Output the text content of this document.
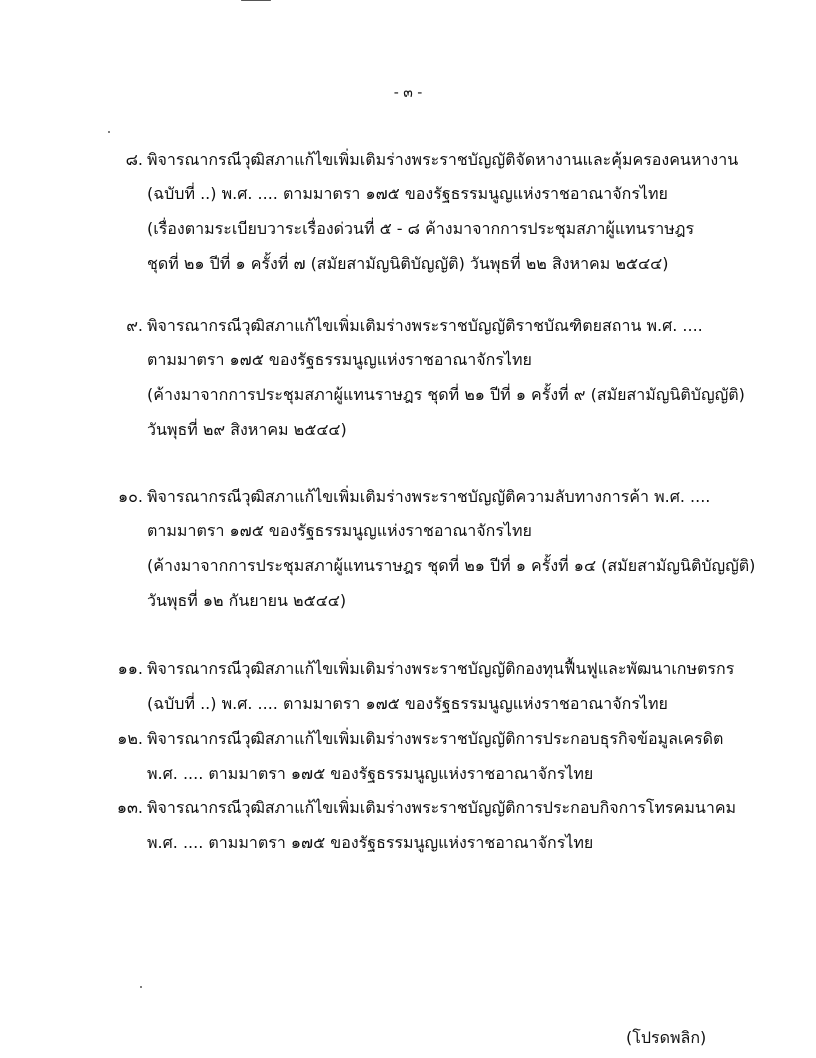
- ๓ -
๘. พิจารณากรณีวุฒิสภาแก้ไขเพิ่มเติมร่างพระราชบัญญัติจัดหางานและคุ้มครองคนหางาน
(ฉบับที่ ..) พ.ศ. .... ตามมาตรา ๑๗๕ ของรัฐธรรมนูญแห่งราชอาณาจักรไทย
(เรื่องตามระเบียบวาระเรื่องด่วนที่ ๕ - ๘ ค้างมาจากการประชุมสภาผู้แทนราษฎร
ชุดที่ ๒๑ ปีที่ ๑ ครั้งที่ ๗ (สมัยสามัญนิติบัญญัติ) วันพุธที่ ๒๒ สิงหาคม ๒๕๔๔)
๙. พิจารณากรณีวุฒิสภาแก้ไขเพิ่มเติมร่างพระราชบัญญัติราชบัณฑิตยสถาน พ.ศ. ....
ตามมาตรา ๑๗๕ ของรัฐธรรมนูญแห่งราชอาณาจักรไทย
(ค้างมาจากการประชุมสภาผู้แทนราษฎร ชุดที่ ๒๑ ปีที่ ๑ ครั้งที่ ๙ (สมัยสามัญนิติบัญญัติ)
วันพุธที่ ๒๙ สิงหาคม ๒๕๔๔)
๑๐. พิจารณากรณีวุฒิสภาแก้ไขเพิ่มเติมร่างพระราชบัญญัติความลับทางการค้า พ.ศ. ....
ตามมาตรา ๑๗๕ ของรัฐธรรมนูญแห่งราชอาณาจักรไทย
(ค้างมาจากการประชุมสภาผู้แทนราษฎร ชุดที่ ๒๑ ปีที่ ๑ ครั้งที่ ๑๔ (สมัยสามัญนิติบัญญัติ)
วันพุธที่ ๑๒ กันยายน ๒๕๔๔)
๑๑. พิจารณากรณีวุฒิสภาแก้ไขเพิ่มเติมร่างพระราชบัญญัติกองทุนฟื้นฟูและพัฒนาเกษตรกร
(ฉบับที่ ..) พ.ศ. .... ตามมาตรา ๑๗๕ ของรัฐธรรมนูญแห่งราชอาณาจักรไทย
๑๒. พิจารณากรณีวุฒิสภาแก้ไขเพิ่มเติมร่างพระราชบัญญัติการประกอบธุรกิจข้อมูลเครดิต
พ.ศ. .... ตามมาตรา ๑๗๕ ของรัฐธรรมนูญแห่งราชอาณาจักรไทย
๑๓. พิจารณากรณีวุฒิสภาแก้ไขเพิ่มเติมร่างพระราชบัญญัติการประกอบกิจการโทรคมนาคม
พ.ศ. .... ตามมาตรา ๑๗๕ ของรัฐธรรมนูญแห่งราชอาณาจักรไทย
(โปรดพลิก)
